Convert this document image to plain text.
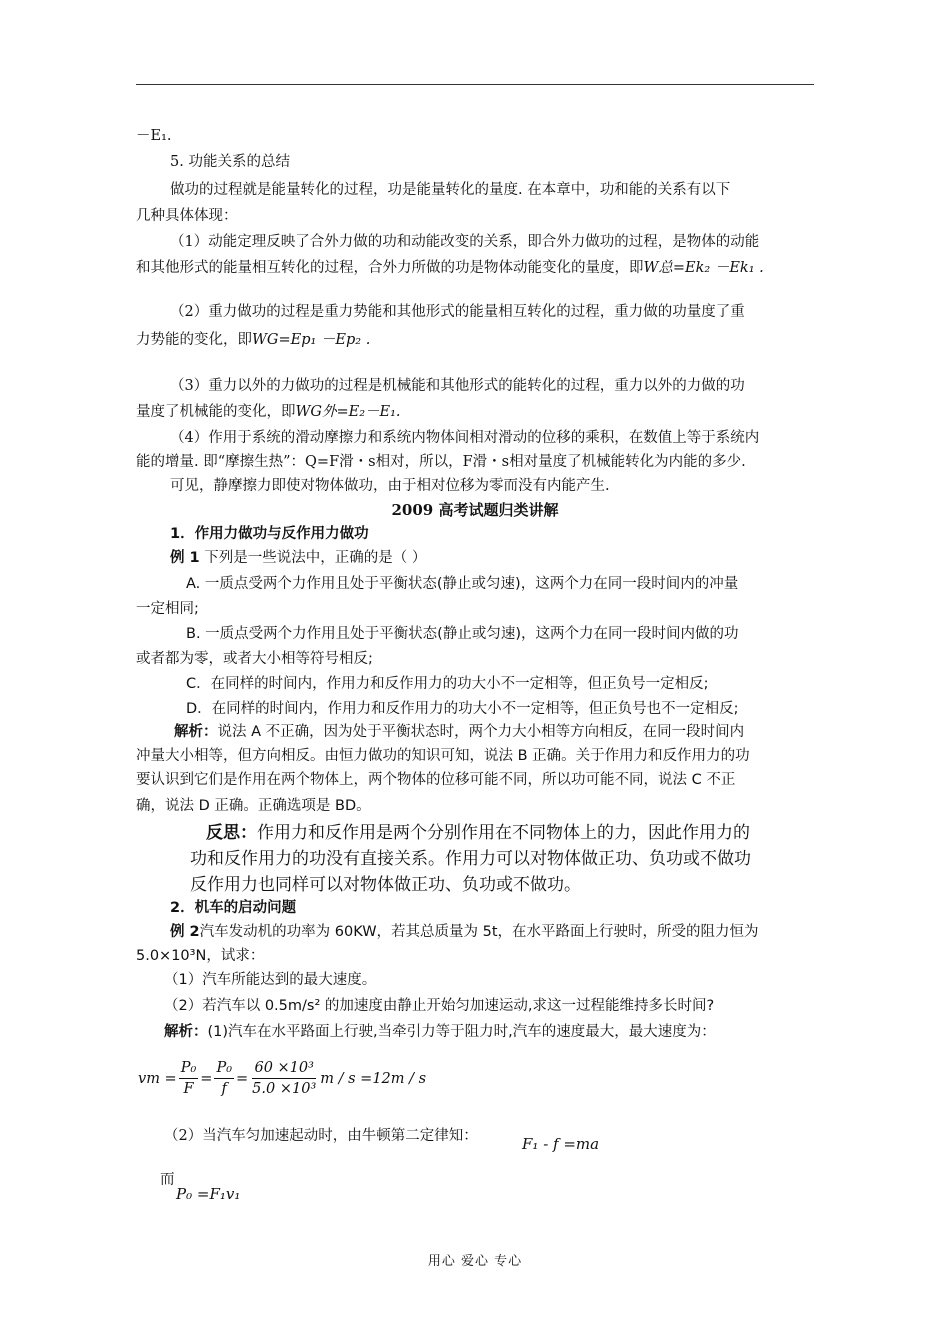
－E₁.
5. 功能关系的总结
做功的过程就是能量转化的过程，功是能量转化的量度. 在本章中，功和能的关系有以下
几种具体体现：
（1）动能定理反映了合外力做的功和动能改变的关系，即合外力做功的过程，是物体的动能
和其他形式的能量相互转化的过程，合外力所做的功是物体动能变化的量度，即W总=Ek₂ －Ek₁ .
（2）重力做功的过程是重力势能和其他形式的能量相互转化的过程，重力做的功量度了重
力势能的变化，即WG=Ep₁ －Ep₂ .
（3）重力以外的力做功的过程是机械能和其他形式的能转化的过程，重力以外的力做的功
量度了机械能的变化，即WG外=E₂－E₁.
（4）作用于系统的滑动摩擦力和系统内物体间相对滑动的位移的乘积，在数值上等于系统内
能的增量. 即“摩擦生热”：Q=F滑・s相对，所以，F滑・s相对量度了机械能转化为内能的多少.
可见，静摩擦力即使对物体做功，由于相对位移为零而没有内能产生.
2009 高考试题归类讲解
1．作用力做功与反作用力做功
例 1 下列是一些说法中，正确的是（ ）
A. 一质点受两个力作用且处于平衡状态(静止或匀速)，这两个力在同一段时间内的冲量
一定相同;
B. 一质点受两个力作用且处于平衡状态(静止或匀速)，这两个力在同一段时间内做的功
或者都为零，或者大小相等符号相反;
C．在同样的时间内，作用力和反作用力的功大小不一定相等，但正负号一定相反;
D．在同样的时间内，作用力和反作用力的功大小不一定相等，但正负号也不一定相反;
解析：说法 A 不正确，因为处于平衡状态时，两个力大小相等方向相反，在同一段时间内
冲量大小相等，但方向相反。由恒力做功的知识可知，说法 B 正确。关于作用力和反作用力的功
要认识到它们是作用在两个物体上，两个物体的位移可能不同，所以功可能不同，说法 C 不正
确，说法 D 正确。正确选项是 BD。
反思：作用力和反作用是两个分别作用在不同物体上的力，因此作用力的
功和反作用力的功没有直接关系。作用力可以对物体做正功、负功或不做功
反作用力也同样可以对物体做正功、负功或不做功。
2．机车的启动问题
例 2汽车发动机的功率为 60KW，若其总质量为 5t，在水平路面上行驶时，所受的阻力恒为
5.0×10³N，试求：
（1）汽车所能达到的最大速度。
（2）若汽车以 0.5m/s² 的加速度由静止开始匀加速运动,求这一过程能维持多长时间?
解析：(1)汽车在水平路面上行驶,当牵引力等于阻力时,汽车的速度最大，最大速度为：
vm = $\frac{\text{P₀}}{F} = \frac{\text{P₀}}{f} = \frac{\text{60 ×10³}}{\text{5.0 ×10³}}$ m / s =12m / s
（2）当汽车匀加速起动时，由牛顿第二定律知：	F₁ - f =ma
而
P₀ =F₁v₁
用心 爱心 专心
